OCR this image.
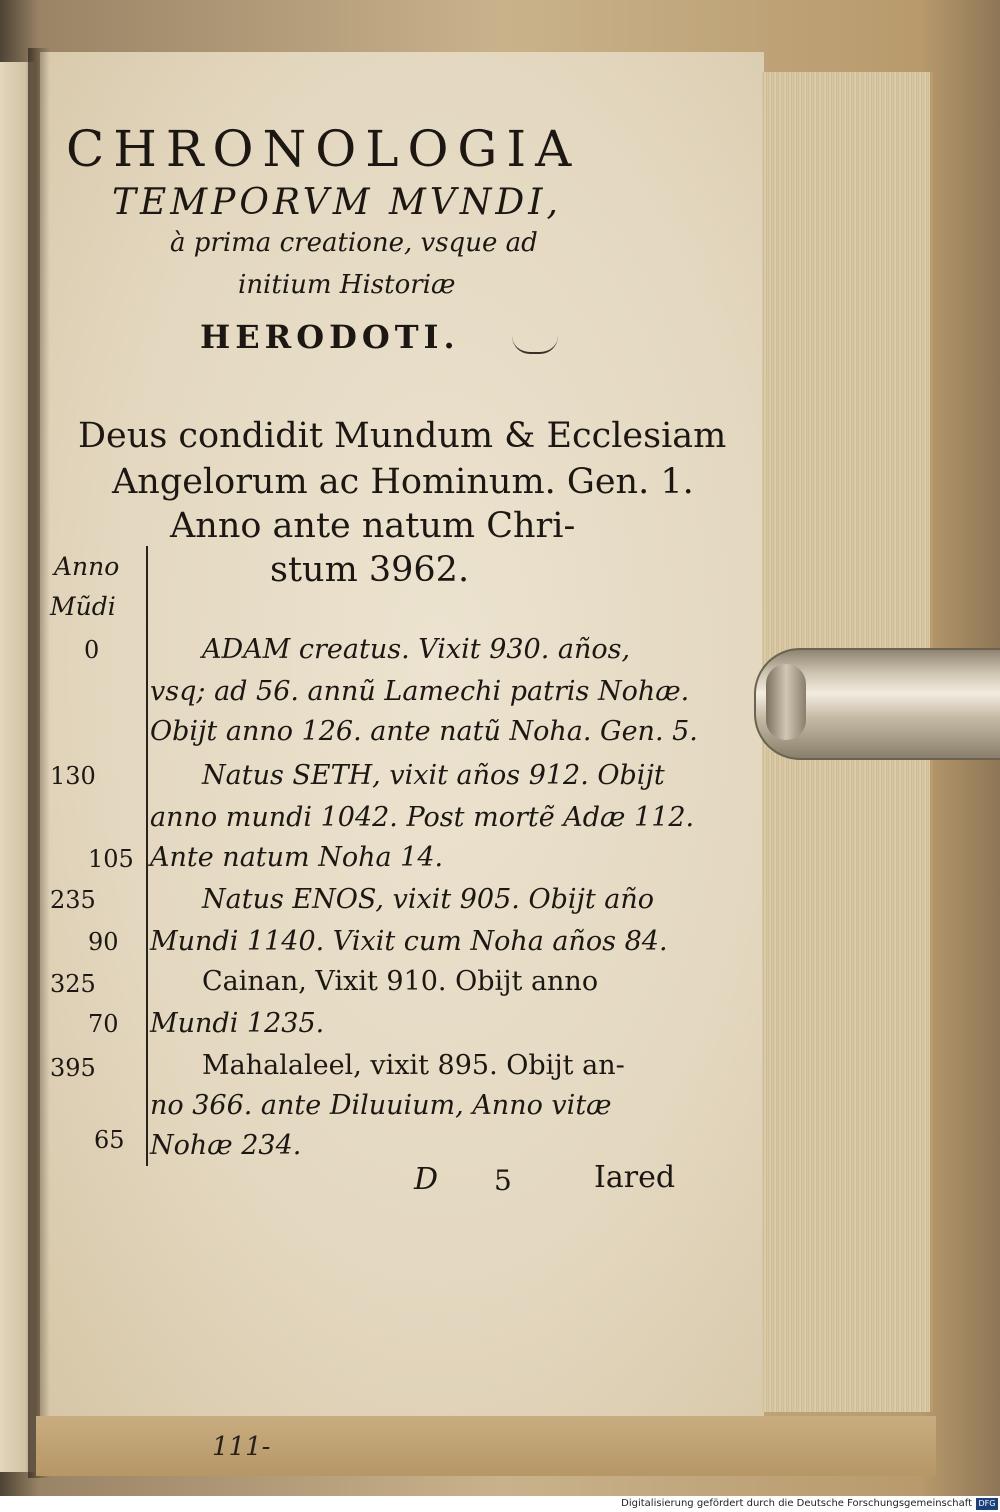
CHRONOLOGIA
TEMPORVM MVNDI,
à prima creatione, vsque ad
initium Historiæ
HERODOTI.
Deus condidit Mundum & Ecclesiam
Angelorum ac Hominum. Gen. 1.
Anno ante natum Chri-
stum 3962.
Anno
Mũdi
0
130
105
235
90
325
70
395
65
ADAM creatus. Vixit 930. años,
vsq; ad 56. annũ Lamechi patris Nohæ.
Obijt anno 126. ante natũ Noha. Gen. 5.
Natus SETH, vixit años 912. Obijt
anno mundi 1042. Post mortẽ Adæ 112.
Ante natum Noha 14.
Natus ENOS, vixit 905. Obijt año
Mundi 1140. Vixit cum Noha años 84.
Cainan, Vixit 910. Obijt anno
Mundi 1235.
Mahalaleel, vixit 895. Obijt an-
no 366. ante Diluuium, Anno vitæ
Nohæ 234.
D 5	Iared
111-
Digitalisierung gefördert durch die Deutsche Forschungsgemeinschaft DFG
